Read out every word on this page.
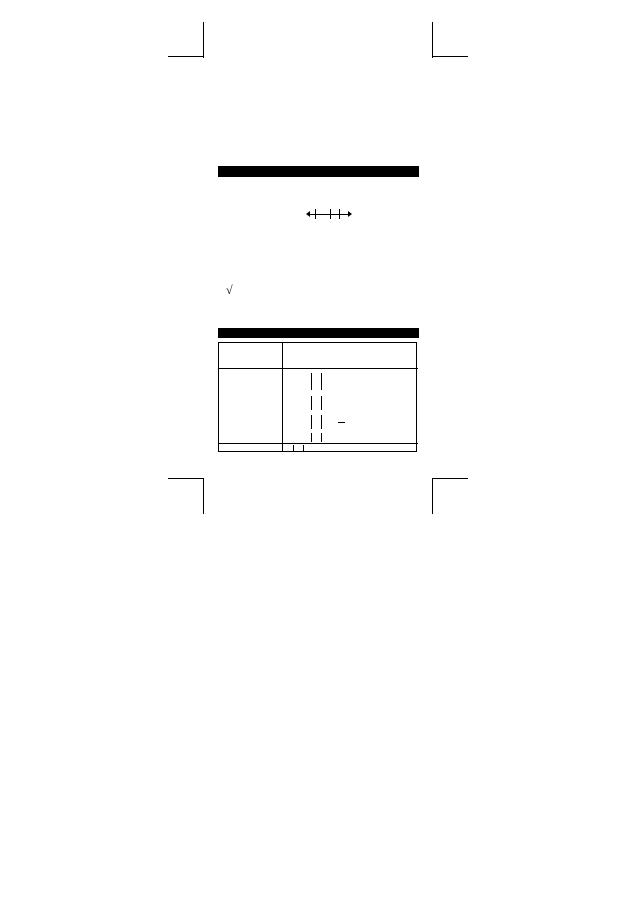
√
